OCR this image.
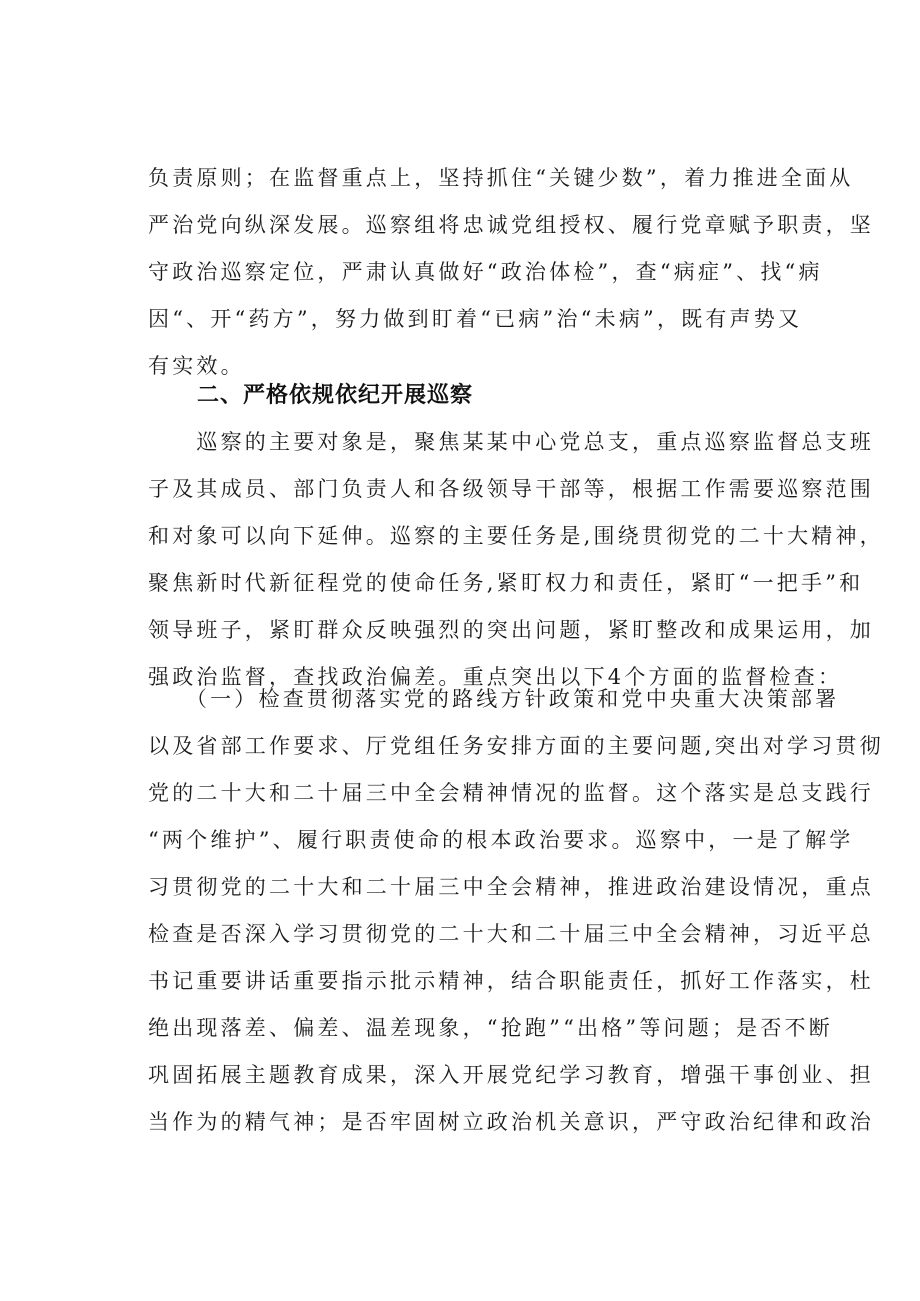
负责原则；在监督重点上，坚持抓住“关键少数”，着力推进全面从
严治党向纵深发展。巡察组将忠诚党组授权、履行党章赋予职责，坚
守政治巡察定位，严肃认真做好“政治体检”，查“病症”、找“病
因“、开“药方”，努力做到盯着“已病”治“未病”，既有声势又
有实效。
二、严格依规依纪开展巡察
　　巡察的主要对象是，聚焦某某中心党总支，重点巡察监督总支班
子及其成员、部门负责人和各级领导干部等，根据工作需要巡察范围
和对象可以向下延伸。巡察的主要任务是,围绕贯彻党的二十大精神，
聚焦新时代新征程党的使命任务,紧盯权力和责任，紧盯“一把手”和
领导班子，紧盯群众反映强烈的突出问题，紧盯整改和成果运用，加
强政治监督，查找政治偏差。重点突出以下4个方面的监督检查：
　　（一）检查贯彻落实党的路线方针政策和党中央重大决策部署
以及省部工作要求、厅党组任务安排方面的主要问题,突出对学习贯彻
党的二十大和二十届三中全会精神情况的监督。这个落实是总支践行
“两个维护”、履行职责使命的根本政治要求。巡察中，一是了解学
习贯彻党的二十大和二十届三中全会精神，推进政治建设情况，重点
检查是否深入学习贯彻党的二十大和二十届三中全会精神，习近平总
书记重要讲话重要指示批示精神，结合职能责任，抓好工作落实，杜
绝出现落差、偏差、温差现象，“抢跑”“出格”等问题；是否不断
巩固拓展主题教育成果，深入开展党纪学习教育，增强干事创业、担
当作为的精气神；是否牢固树立政治机关意识，严守政治纪律和政治
